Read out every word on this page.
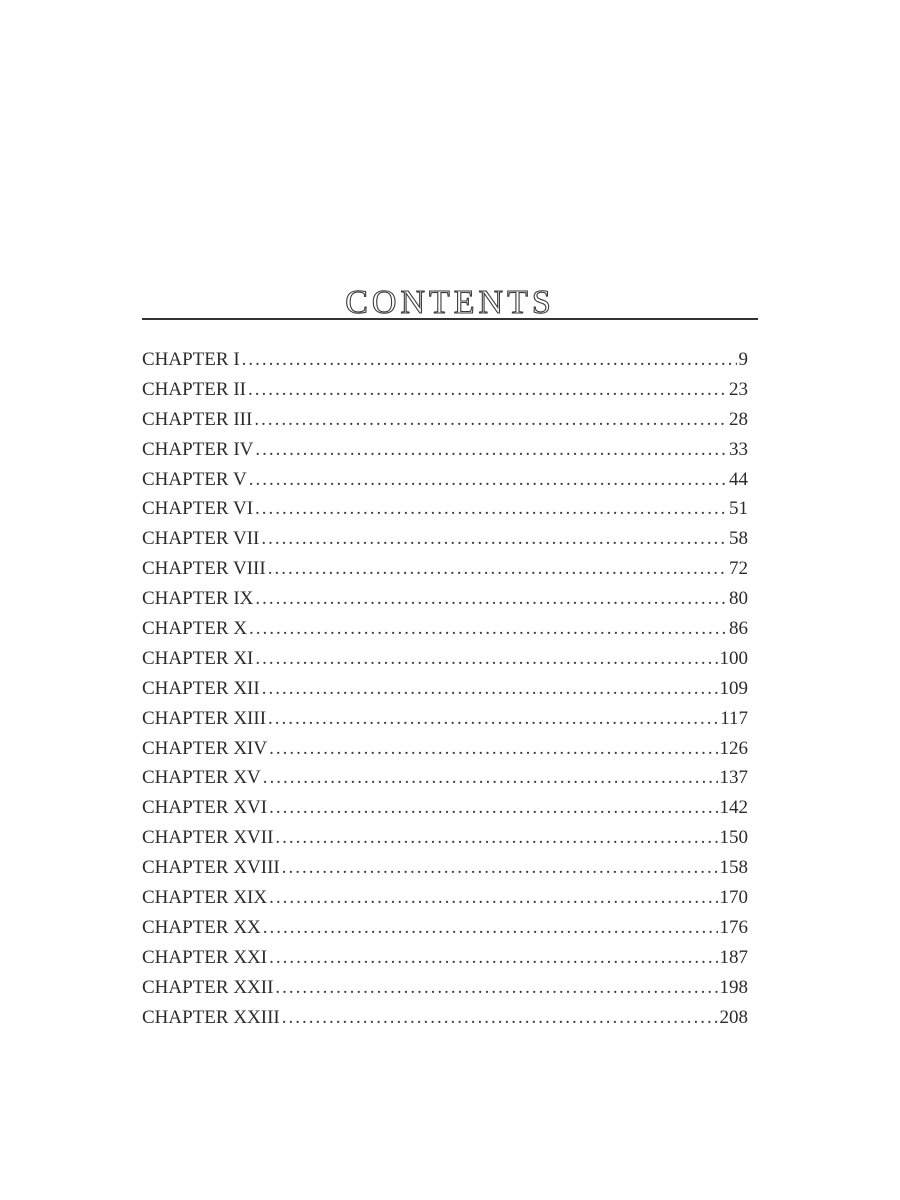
CONTENTS
CHAPTER I .....	9
CHAPTER II .....	23
CHAPTER III .....	28
CHAPTER IV .....	33
CHAPTER V .....	44
CHAPTER VI .....	51
CHAPTER VII .....	58
CHAPTER VIII .....	72
CHAPTER IX .....	80
CHAPTER X .....	86
CHAPTER XI .....	100
CHAPTER XII .....	109
CHAPTER XIII .....	117
CHAPTER XIV .....	126
CHAPTER XV .....	137
CHAPTER XVI .....	142
CHAPTER XVII .....	150
CHAPTER XVIII .....	158
CHAPTER XIX .....	170
CHAPTER XX .....	176
CHAPTER XXI .....	187
CHAPTER XXII .....	198
CHAPTER XXIII .....	208
